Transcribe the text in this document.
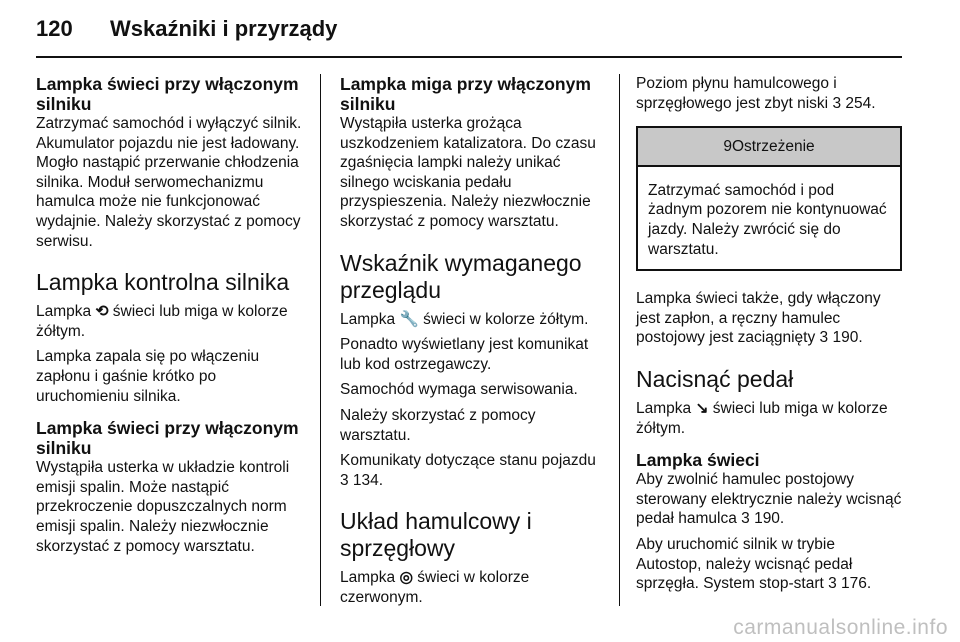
120 Wskaźniki i przyrządy
Lampka świeci przy włączonym silniku

Zatrzymać samochód i wyłączyć silnik. Akumulator pojazdu nie jest ładowany. Mogło nastąpić przerwanie chłodzenia silnika. Moduł serwomechanizmu hamulca może nie funkcjonować wydajnie. Należy skorzystać z pomocy serwisu.

Lampka kontrolna silnika

Lampka ⟲ świeci lub miga w kolorze żółtym.

Lampka zapala się po włączeniu zapłonu i gaśnie krótko po uruchomieniu silnika.

Lampka świeci przy włączonym silniku

Wystąpiła usterka w układzie kontroli emisji spalin. Może nastąpić przekroczenie dopuszczalnych norm emisji spalin. Należy niezwłocznie skorzystać z pomocy warsztatu.

Lampka miga przy włączonym silniku

Wystąpiła usterka grożąca uszkodzeniem katalizatora. Do czasu zgaśnięcia lampki należy unikać silnego wciskania pedału przyspieszenia. Należy niezwłocznie skorzystać z pomocy warsztatu.

Wskaźnik wymaganego przeglądu

Lampka 🔧 świeci w kolorze żółtym.

Ponadto wyświetlany jest komunikat lub kod ostrzegawczy.

Samochód wymaga serwisowania.

Należy skorzystać z pomocy warsztatu.

Komunikaty dotyczące stanu pojazdu 3 134.

Układ hamulcowy i sprzęgłowy

Lampka ◎ świeci w kolorze czerwonym.

Poziom płynu hamulcowego i sprzęgłowego jest zbyt niski 3 254.

9Ostrzeżenie
Zatrzymać samochód i pod żadnym pozorem nie kontynuować jazdy. Należy zwrócić się do warsztatu.

Lampka świeci także, gdy włączony jest zapłon, a ręczny hamulec postojowy jest zaciągnięty 3 190.

Nacisnąć pedał

Lampka ↘ świeci lub miga w kolorze żółtym.

Lampka świeci

Aby zwolnić hamulec postojowy sterowany elektrycznie należy wcisnąć pedał hamulca 3 190.

Aby uruchomić silnik w trybie Autostop, należy wcisnąć pedał sprzęgła. System stop-start 3 176.

carmanualsonline.info
